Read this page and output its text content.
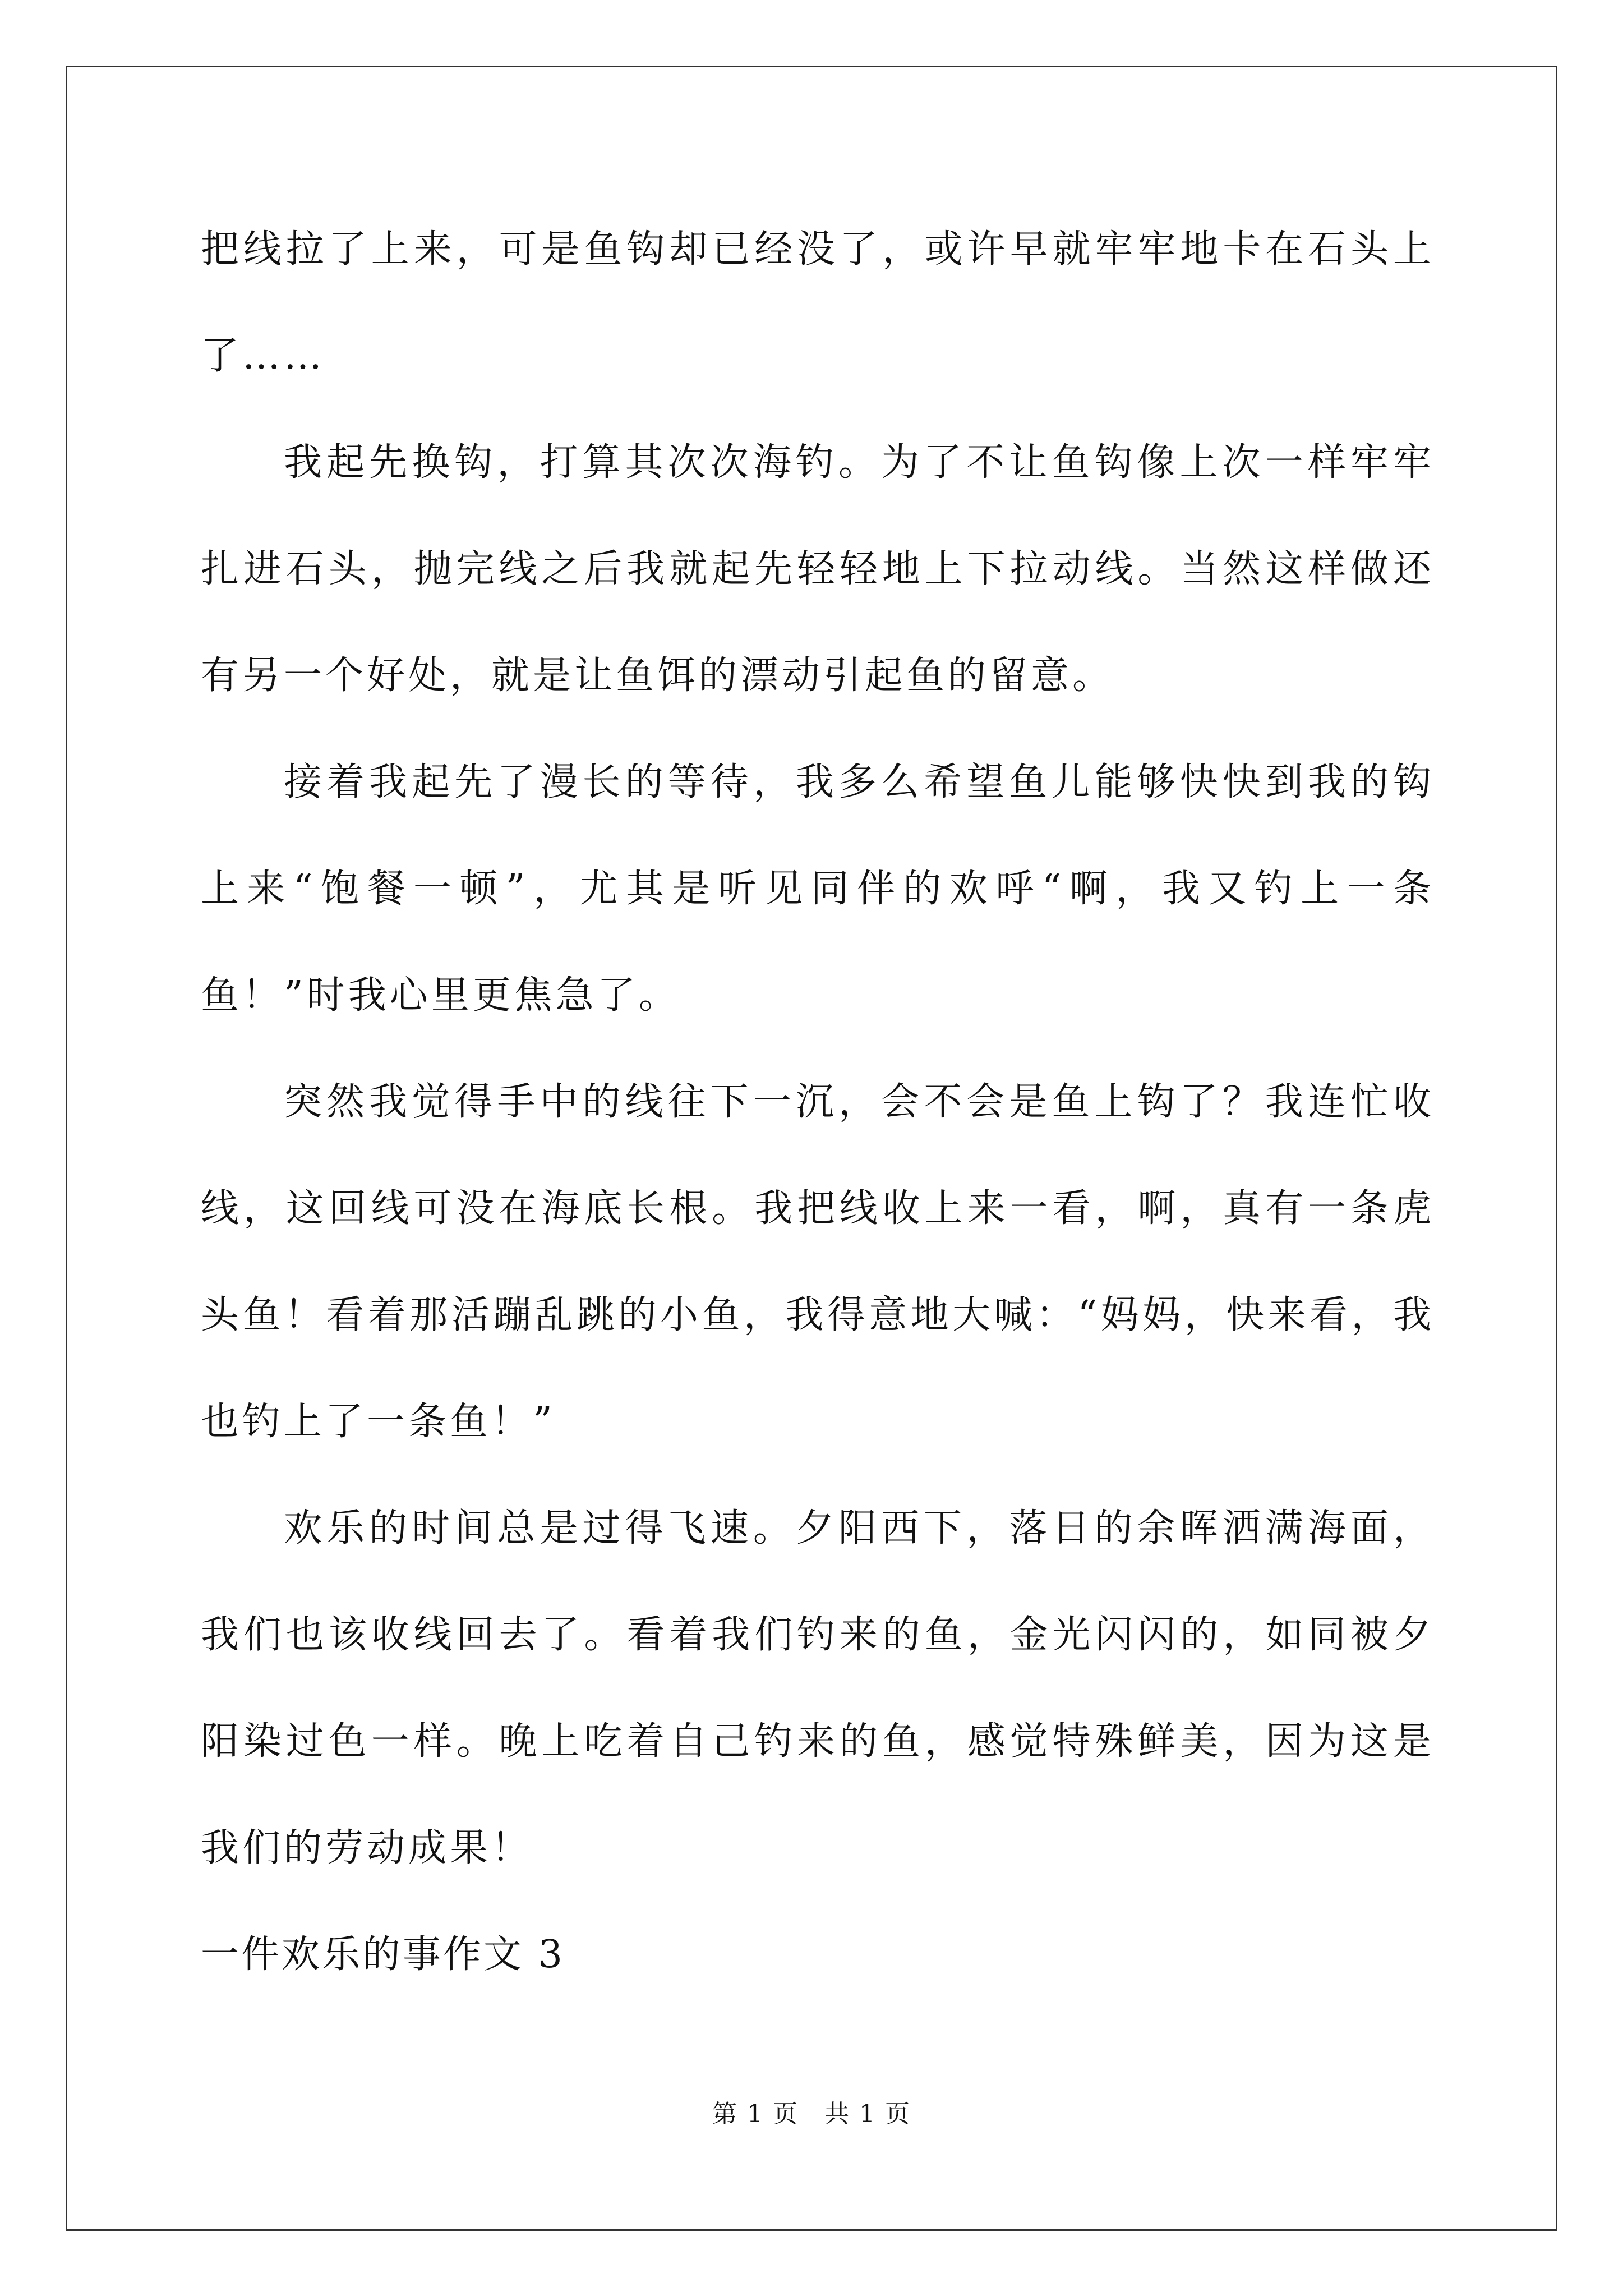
把线拉了上来，可是鱼钩却已经没了，或许早就牢牢地卡在石头上了……

我起先换钩，打算其次次海钓。为了不让鱼钩像上次一样牢牢扎进石头，抛完线之后我就起先轻轻地上下拉动线。当然这样做还有另一个好处，就是让鱼饵的漂动引起鱼的留意。

接着我起先了漫长的等待，我多么希望鱼儿能够快快到我的钩上来“饱餐一顿”，尤其是听见同伴的欢呼“啊，我又钓上一条鱼！”时我心里更焦急了。

突然我觉得手中的线往下一沉，会不会是鱼上钩了？我连忙收线，这回线可没在海底长根。我把线收上来一看，啊，真有一条虎头鱼！看着那活蹦乱跳的小鱼，我得意地大喊：“妈妈，快来看，我也钓上了一条鱼！”

欢乐的时间总是过得飞速。夕阳西下，落日的余晖洒满海面，我们也该收线回去了。看着我们钓来的鱼，金光闪闪的，如同被夕阳染过色一样。晚上吃着自己钓来的鱼，感觉特殊鲜美，因为这是我们的劳动成果！

一件欢乐的事作文 3

第 1 页　共 1 页
